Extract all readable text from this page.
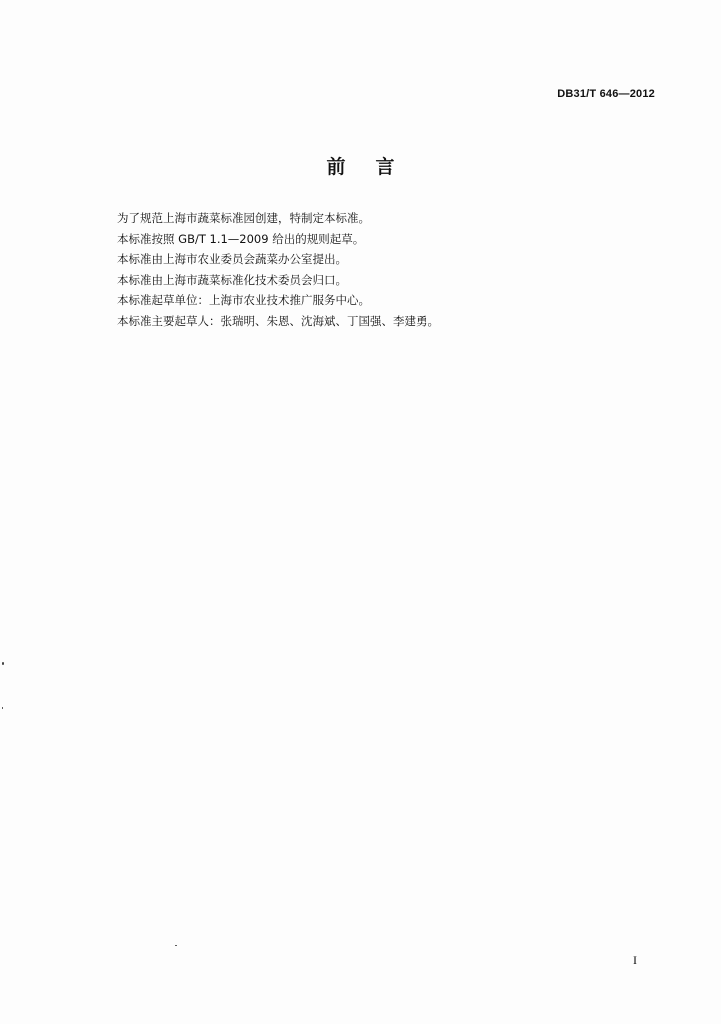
DB31/T 646—2012
前言
为了规范上海市蔬菜标准园创建，特制定本标准。
本标准按照 GB/T 1.1—2009 给出的规则起草。
本标准由上海市农业委员会蔬菜办公室提出。
本标准由上海市蔬菜标准化技术委员会归口。
本标准起草单位：上海市农业技术推广服务中心。
本标准主要起草人：张瑞明、朱恩、沈海斌、丁国强、李建勇。
I
